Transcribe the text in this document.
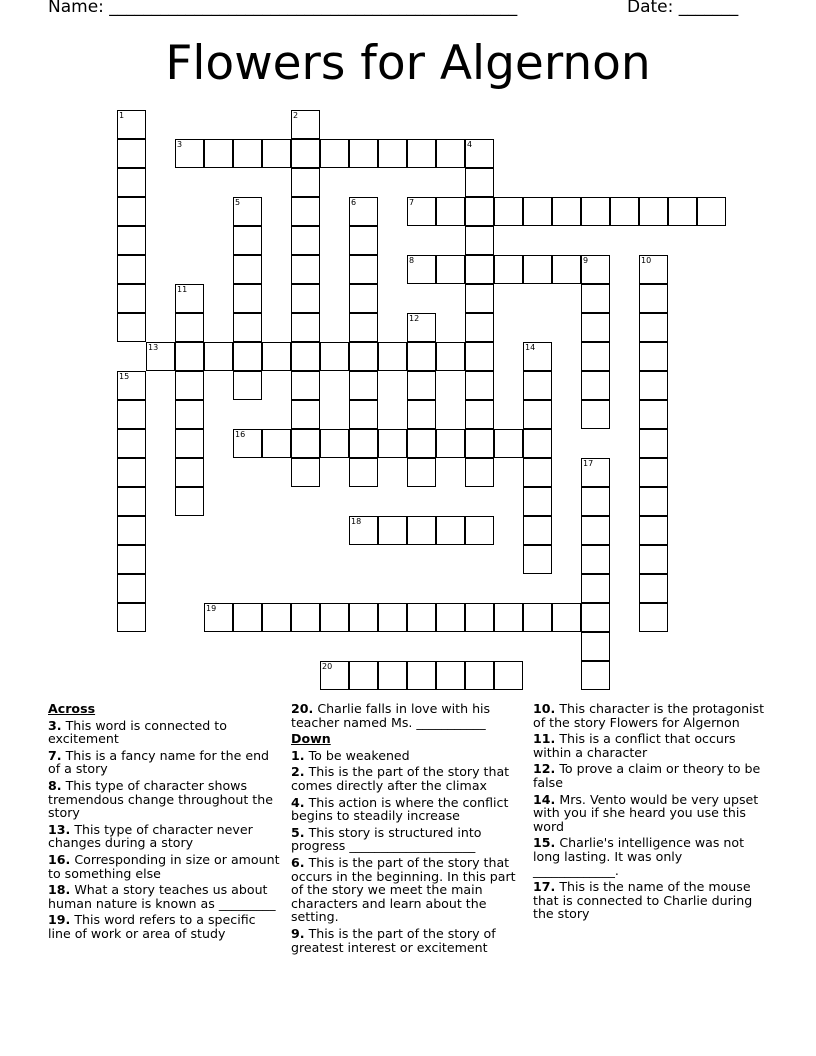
Name: ________________________________________________	Date: _______
Flowers for Algernon
1	2
3	4
5	6	7
8	9	10
11
12
13	14
15
16
17
18
19
20
Across
3. This word is connected to excitement
7. This is a fancy name for the end of a story
8. This type of character shows tremendous change throughout the story
13. This type of character never changes during a story
16. Corresponding in size or amount to something else
18. What a story teaches us about human nature is known as _________
19. This word refers to a specific line of work or area of study
20. Charlie falls in love with his teacher named Ms. ___________
Down
1. To be weakened
2. This is the part of the story that comes directly after the climax
4. This action is where the conflict begins to steadily increase
5. This story is structured into progress ____________________
6. This is the part of the story that occurs in the beginning. In this part of the story we meet the main characters and learn about the setting.
9. This is the part of the story of greatest interest or excitement
10. This character is the protagonist of the story Flowers for Algernon
11. This is a conflict that occurs within a character
12. To prove a claim or theory to be false
14. Mrs. Vento would be very upset with you if she heard you use this word
15. Charlie's intelligence was not long lasting. It was only _____________.
17. This is the name of the mouse that is connected to Charlie during the story
